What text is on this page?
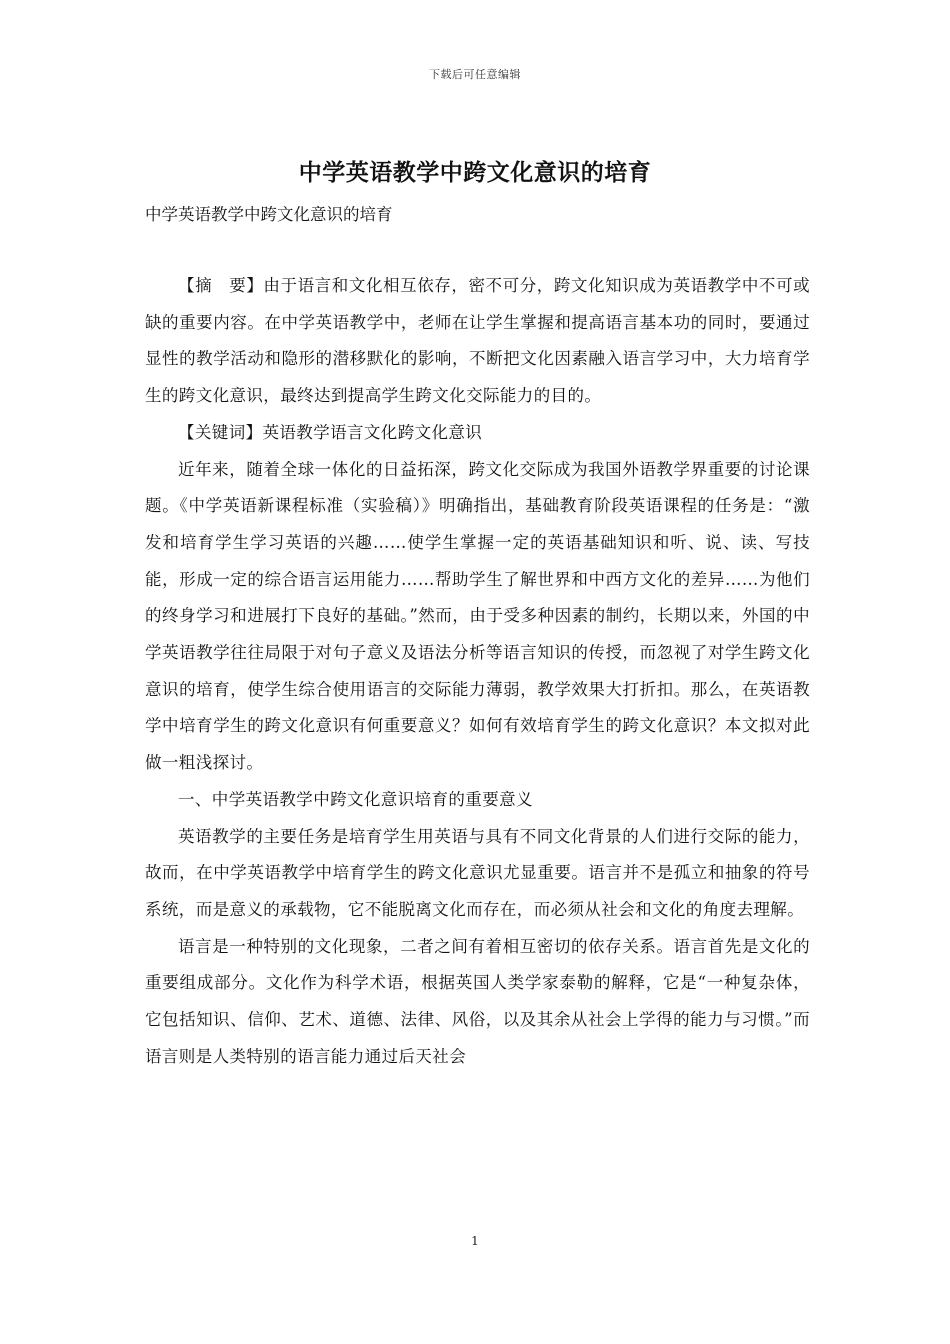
下载后可任意编辑
中学英语教学中跨文化意识的培育
中学英语教学中跨文化意识的培育

【摘　要】由于语言和文化相互依存，密不可分，跨文化知识成为英语教学中不可或缺的重要内容。在中学英语教学中，老师在让学生掌握和提高语言基本功的同时，要通过显性的教学活动和隐形的潜移默化的影响，不断把文化因素融入语言学习中，大力培育学生的跨文化意识，最终达到提高学生跨文化交际能力的目的。

【关键词】英语教学语言文化跨文化意识

近年来，随着全球一体化的日益拓深，跨文化交际成为我国外语教学界重要的讨论课题。《中学英语新课程标准（实验稿）》明确指出，基础教育阶段英语课程的任务是：“激发和培育学生学习英语的兴趣……使学生掌握一定的英语基础知识和听、说、读、写技能，形成一定的综合语言运用能力……帮助学生了解世界和中西方文化的差异……为他们的终身学习和进展打下良好的基础。”然而，由于受多种因素的制约，长期以来，外国的中学英语教学往往局限于对句子意义及语法分析等语言知识的传授，而忽视了对学生跨文化意识的培育，使学生综合使用语言的交际能力薄弱，教学效果大打折扣。那么，在英语教学中培育学生的跨文化意识有何重要意义？如何有效培育学生的跨文化意识？本文拟对此做一粗浅探讨。

一、中学英语教学中跨文化意识培育的重要意义

英语教学的主要任务是培育学生用英语与具有不同文化背景的人们进行交际的能力，故而，在中学英语教学中培育学生的跨文化意识尤显重要。语言并不是孤立和抽象的符号系统，而是意义的承载物，它不能脱离文化而存在，而必须从社会和文化的角度去理解。

语言是一种特别的文化现象，二者之间有着相互密切的依存关系。语言首先是文化的重要组成部分。文化作为科学术语，根据英国人类学家泰勒的解释，它是“一种复杂体，它包括知识、信仰、艺术、道德、法律、风俗，以及其余从社会上学得的能力与习惯。”而语言则是人类特别的语言能力通过后天社会

1
